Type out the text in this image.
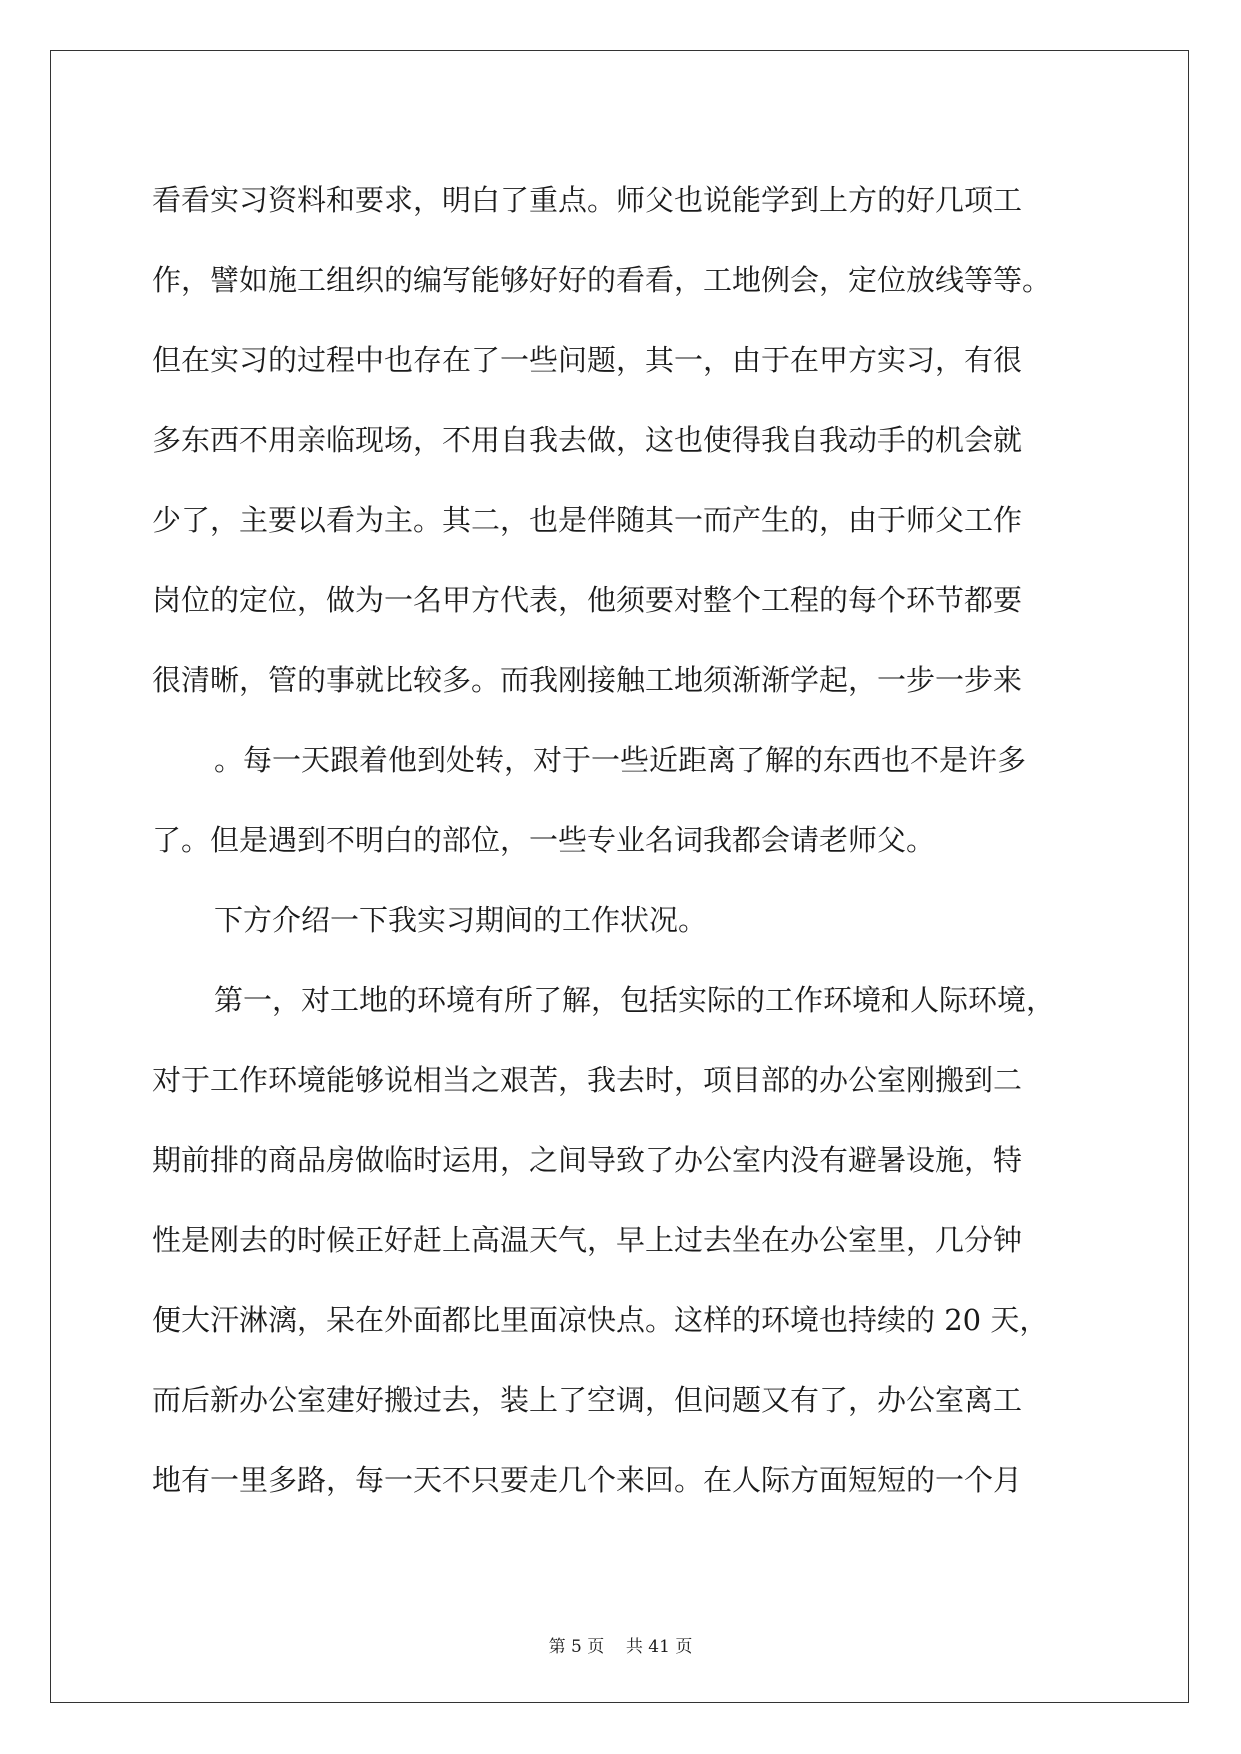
看看实习资料和要求，明白了重点。师父也说能学到上方的好几项工
作，譬如施工组织的编写能够好好的看看，工地例会，定位放线等等。
但在实习的过程中也存在了一些问题，其一，由于在甲方实习，有很
多东西不用亲临现场，不用自我去做，这也使得我自我动手的机会就
少了，主要以看为主。其二，也是伴随其一而产生的，由于师父工作
岗位的定位，做为一名甲方代表，他须要对整个工程的每个环节都要
很清晰，管的事就比较多。而我刚接触工地须渐渐学起，一步一步来
。每一天跟着他到处转，对于一些近距离了解的东西也不是许多
了。但是遇到不明白的部位，一些专业名词我都会请老师父。
下方介绍一下我实习期间的工作状况。
第一，对工地的环境有所了解，包括实际的工作环境和人际环境，
对于工作环境能够说相当之艰苦，我去时，项目部的办公室刚搬到二
期前排的商品房做临时运用，之间导致了办公室内没有避暑设施，特
性是刚去的时候正好赶上高温天气，早上过去坐在办公室里，几分钟
便大汗淋漓，呆在外面都比里面凉快点。这样的环境也持续的 20 天，
而后新办公室建好搬过去，装上了空调，但问题又有了，办公室离工
地有一里多路，每一天不只要走几个来回。在人际方面短短的一个月
第 5 页    共 41 页
